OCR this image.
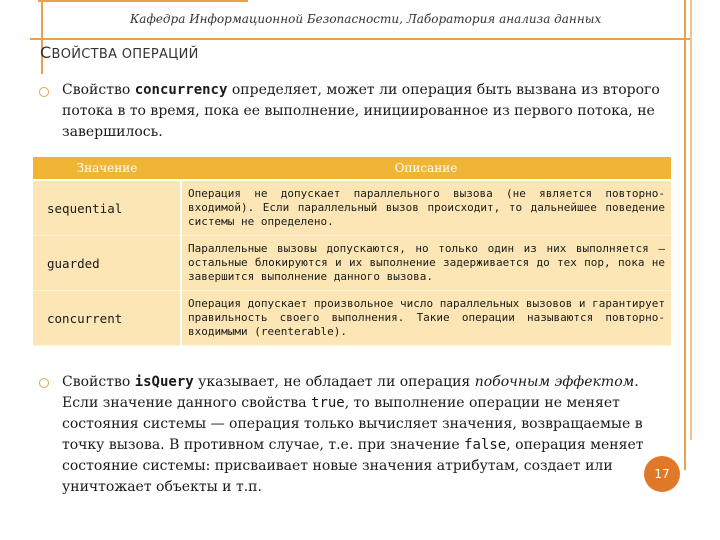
Кафедра Информационной Безопасности, Лаборатория анализа данных
СВОЙСТВА ОПЕРАЦИЙ
Свойство concurrency определяет, может ли операция быть вызвана из второго потока в то время, пока ее выполнение, инициированное из первого потока, не завершилось.
Значение	Описание
sequential	Операция не допускает параллельного вызова (не является повторно-входимой). Если параллельный вызов происходит, то дальнейшее поведение системы не определено.
guarded	Параллельные вызовы допускаются, но только один из них выполняется — остальные блокируются и их выполнение задерживается до тех пор, пока не завершится выполнение данного вызова.
concurrent	Операция допускает произвольное число параллельных вызовов и гарантирует правильность своего выполнения. Такие операции называются повторно-входимыми (reenterable).
Свойство isQuery указывает, не обладает ли операция побочным эффектом. Если значение данного свойства true, то выполнение операции не меняет состояния системы — операция только вычисляет значения, возвращаемые в точку вызова. В противном случае, т.е. при значение false, операция меняет состояние системы: присваивает новые значения атрибутам, создает или уничтожает объекты и т.п.
17
